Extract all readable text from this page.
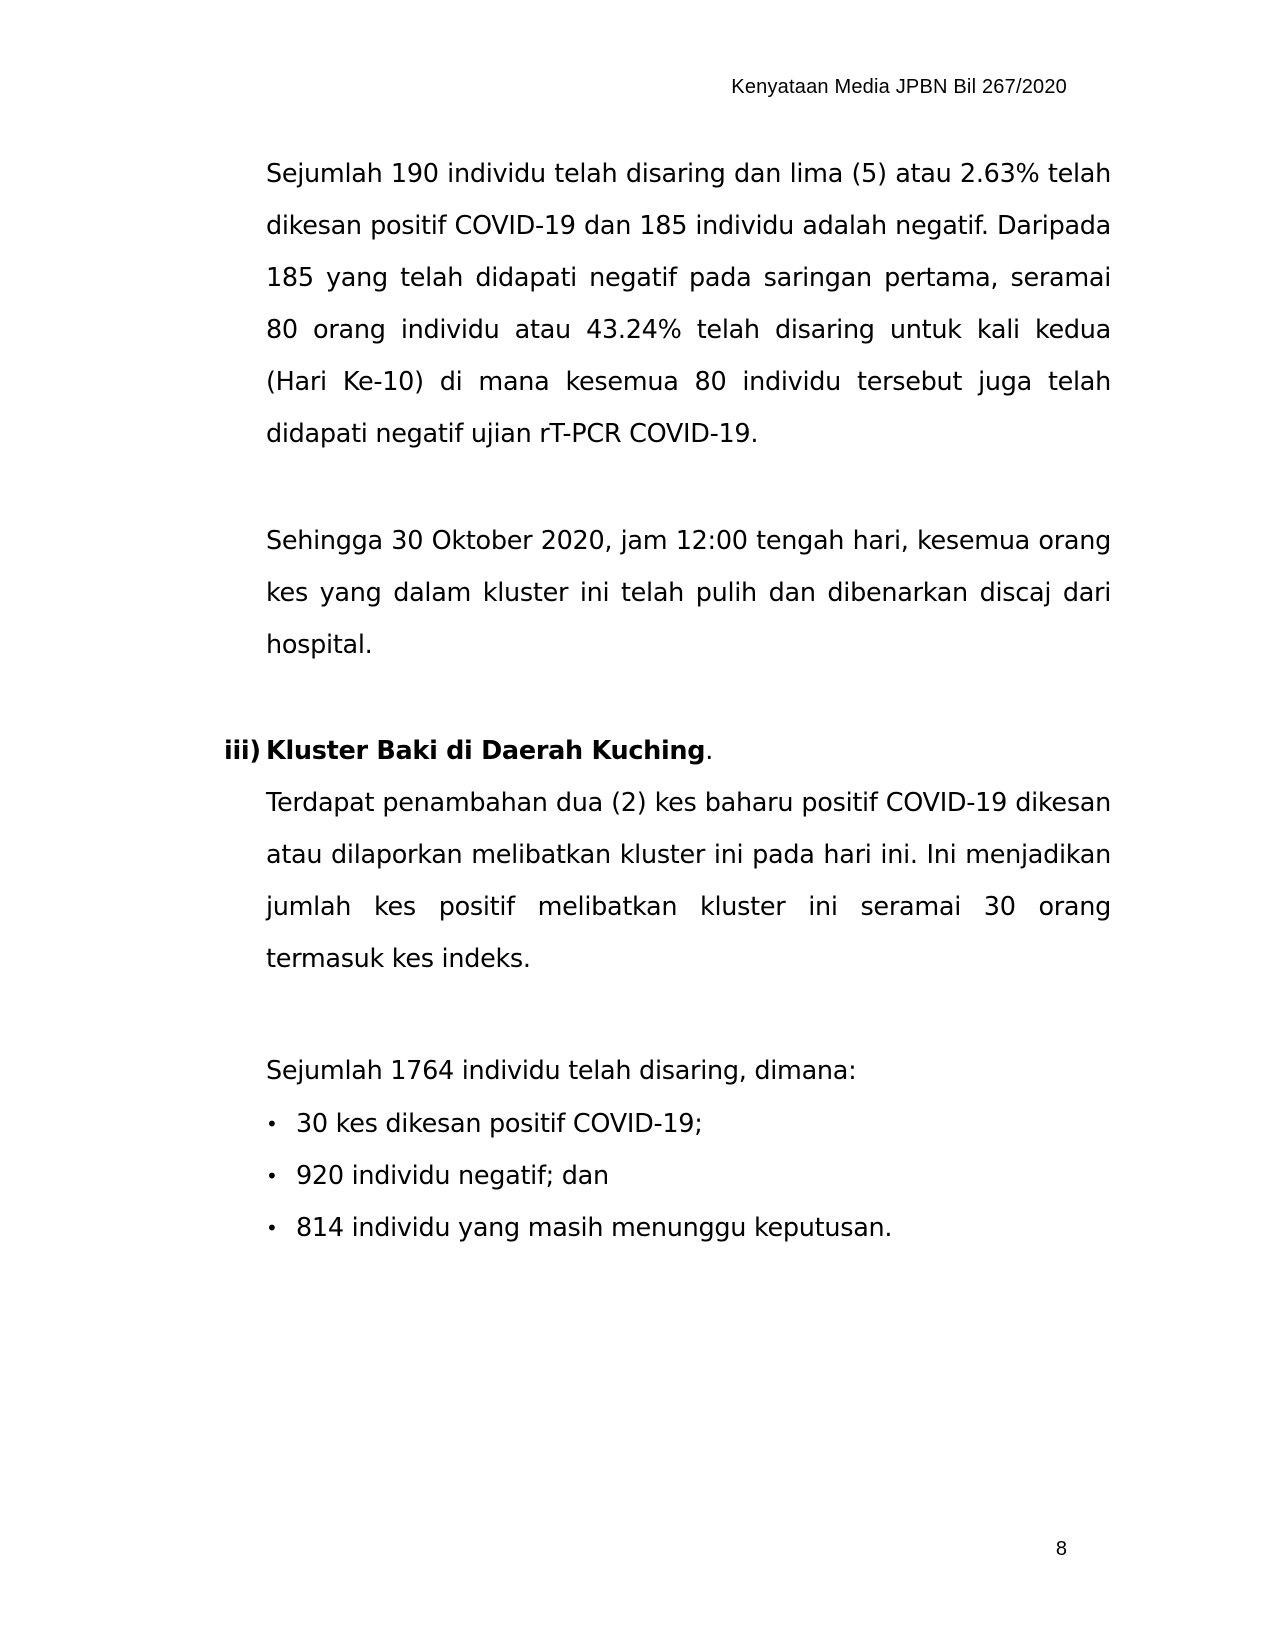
Kenyataan Media JPBN Bil 267/2020

Sejumlah 190 individu telah disaring dan lima (5) atau 2.63% telah dikesan positif COVID-19 dan 185 individu adalah negatif. Daripada 185 yang telah didapati negatif pada saringan pertama, seramai 80 orang individu atau 43.24% telah disaring untuk kali kedua (Hari Ke-10) di mana kesemua 80 individu tersebut juga telah didapati negatif ujian rT-PCR COVID-19.

Sehingga 30 Oktober 2020, jam 12:00 tengah hari, kesemua orang kes yang dalam kluster ini telah pulih dan dibenarkan discaj dari hospital.

iii) Kluster Baki di Daerah Kuching.

Terdapat penambahan dua (2) kes baharu positif COVID-19 dikesan atau dilaporkan melibatkan kluster ini pada hari ini. Ini menjadikan jumlah kes positif melibatkan kluster ini seramai 30 orang termasuk kes indeks.

Sejumlah 1764 individu telah disaring, dimana:

• 30 kes dikesan positif COVID-19;
• 920 individu negatif; dan
• 814 individu yang masih menunggu keputusan.
8
